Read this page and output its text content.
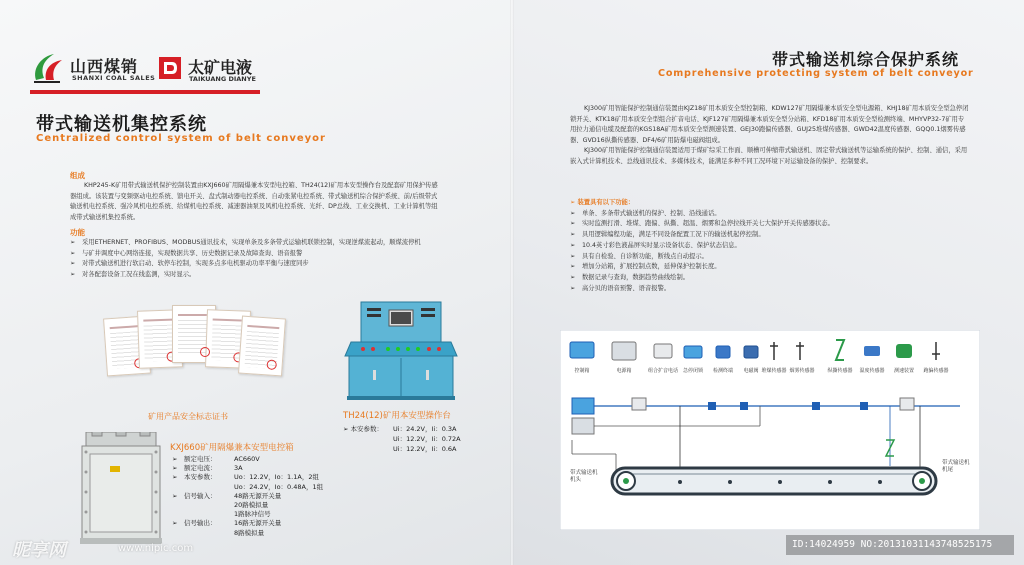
山西煤销
SHANXI COAL SALES
太矿电液
TAIKUANG DIANYE
带式输送机集控系统
Centralized control system of belt conveyor
组成
KHP245-K矿用带式输送机保护控制装置由KXJ660矿用隔爆兼本安型电控箱、TH24(12)矿用本安型操作台及配套矿用保护传感器组成。该装置与变频驱动电控系统、馈电开关、盘式制动器电控系统、自动张紧电控系统、带式输送机综合保护系统、前/后级带式输送机电控系统、强冷风机电控系统、给煤机电控系统、减速器油泵及风机电控系统、光纤、DP总线、工业交换机、工业计算机等组成带式输送机集控系统。
功能
➢	采用ETHERNET、PROFIBUS、MODBUS通讯技术，实现单条及多条带式运输机联锁控制，实现逆煤流起动，顺煤流停机
➢	与矿井调度中心网络连接，实现数据共享、历史数据记录及故障查询、语音报警
➢	对带式输送机进行软启动、软停车控制，实现多点多电机驱动功率平衡与速度同步
➢	对各配套设备工况在线监测，实时显示。
矿用产品安全标志证书	TH24(12)矿用本安型操作台
➢ 本安参数：	Ui：24.2V，Ii：0.3A
Ui：12.2V，Ii：0.72A
Ui：12.2V，Ii：0.6A
KXJ660矿用隔爆兼本安型电控箱
➢	额定电压：	AC660V
➢	额定电流：	3A
➢	本安参数：	Uo：12.2V，Io：1.1A，2组
Uo：24.2V，Io：0.48A，1组
➢	信号输入：	48路无源开关量
20路模拟量
1路脉冲信号
➢	信号输出：	16路无源开关量
8路模拟量
带式输送机综合保护系统
Comprehensive protecting system of belt conveyor
KJ300矿用智能保护控制通信装置由KJZ18矿用本质安全型控制箱、KDW127矿用隔爆兼本质安全型电源箱、KHJ18矿用本质安全型急停闭锁开关、KTK18矿用本质安全型组合扩音电话、KJF127矿用隔爆兼本质安全型分站箱、KFD18矿用本质安全型检测终端、MHYVP32-7矿用专用拉力通信电缆及配套的KGS18A矿用本质安全型测速装置、GEJ30跑偏传感器、GUJ25堆煤传感器、GWD42温度传感器、GQQ0.1烟雾传感器、GVD16纵撕传感器、DF4/6矿用防爆电磁阀组成。
KJ300矿用智能保护控制通信装置适用于煤矿综采工作面、顺槽可伸缩带式输送机、固定带式输送机等运输系统的保护、控制、通信，采用嵌入式计算机技术、总线通讯技术、多媒体技术，能满足多种不同工况环境下对运输设备的保护、控制要求。
➢ 装置具有以下功能：
➢	单条、多条带式输送机的保护、控制、沿线通话。
➢	实时监测打滑、堆煤、跑偏、纵撕、超温、烟雾和急停拉线开关七大保护开关传感器状态。
➢	具用逻辑编程功能，满足不同设备配置工况下的输送机起停控制。
➢	10.4英寸彩色液晶屏实时显示设备状态、保护状态信息。
➢	具有自检验、自诊断功能，断线点自动提示。
➢	增加分站箱，扩展控制点数，延伸保护控制长度。
➢	数据记录与查询，数据趋势曲线绘制。
➢	高分贝的语音预警、语音报警。
控制箱	电源箱	组合扩音电话 急停闭锁 检测终端 电磁阀 堆煤传感器 烟雾传感器	纵撕传感器 温度传感器 测速装置 跑偏传感器
带式输送机机头
带式输送机机尾
昵享网	www.nipic.com	ID:14024959 NO:20131031143748525175
